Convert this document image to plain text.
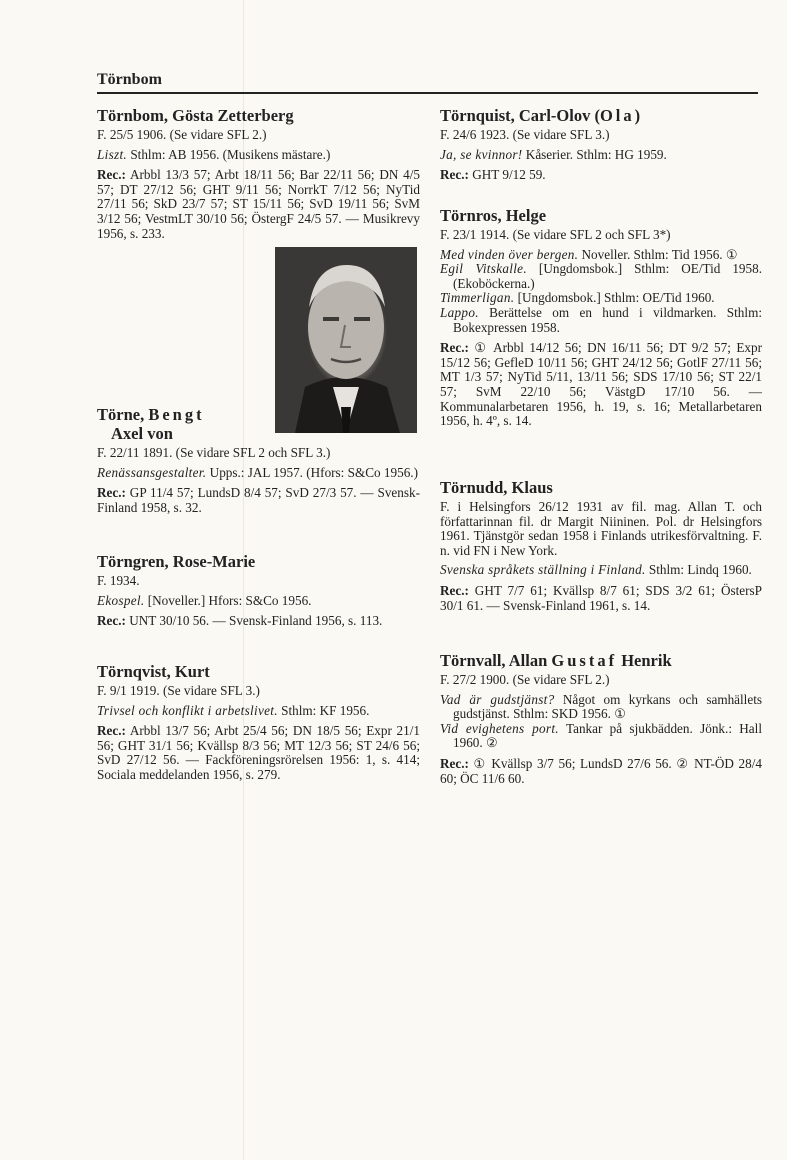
Törnbom
Törnbom, Gösta Zetterberg

F. 25/5 1906. (Se vidare SFL 2.)

Liszt. Sthlm: AB 1956. (Musikens mästare.)

Rec.: Arbbl 13/3 57; Arbt 18/11 56; Bar 22/11 56; DN 4/5 57; DT 27/12 56; GHT 9/11 56; NorrkT 7/12 56; NyTid 27/11 56; SkD 23/7 57; ST 15/11 56; SvD 19/11 56; SvM 3/12 56; VestmLT 30/10 56; ÖstergF 24/5 57. — Musikrevy 1956, s. 233.

Törne, Bengt
Axel von

F. 22/11 1891. (Se vidare SFL 2 och SFL 3.)

Renässansgestalter. Upps.: JAL 1957. (Hfors: S&Co 1956.)

Rec.: GP 11/4 57; LundsD 8/4 57; SvD 27/3 57. — Svensk-Finland 1958, s. 32.

Törngren, Rose-Marie

F. 1934.

Ekospel. [Noveller.] Hfors: S&Co 1956.

Rec.: UNT 30/10 56. — Svensk-Finland 1956, s. 113.

Törnqvist, Kurt

F. 9/1 1919. (Se vidare SFL 3.)

Trivsel och konflikt i arbetslivet. Sthlm: KF 1956.

Rec.: Arbbl 13/7 56; Arbt 25/4 56; DN 18/5 56; Expr 21/1 56; GHT 31/1 56; Kvällsp 8/3 56; MT 12/3 56; ST 24/6 56; SvD 27/12 56. — Fackföreningsrörelsen 1956: 1, s. 414; Sociala meddelanden 1956, s. 279.

Törnquist, Carl-Olov (Ola)

F. 24/6 1923. (Se vidare SFL 3.)

Ja, se kvinnor! Kåserier. Sthlm: HG 1959.

Rec.: GHT 9/12 59.

Törnros, Helge

F. 23/1 1914. (Se vidare SFL 2 och SFL 3*)

Med vinden över bergen. Noveller. Sthlm: Tid 1956. ①

Egil Vitskalle. [Ungdomsbok.] Sthlm: OE/Tid 1958. (Ekoböckerna.)

Timmerligan. [Ungdomsbok.] Sthlm: OE/Tid 1960.

Lappo. Berättelse om en hund i vildmarken. Sthlm: Bokexpressen 1958.

Rec.: ① Arbbl 14/12 56; DN 16/11 56; DT 9/2 57; Expr 15/12 56; GefleD 10/11 56; GHT 24/12 56; GotlF 27/11 56; MT 1/3 57; NyTid 5/11, 13/11 56; SDS 17/10 56; ST 22/1 57; SvM 22/10 56; VästgD 17/10 56. — Kommunalarbetaren 1956, h. 19, s. 16; Metallarbetaren 1956, h. 4º, s. 14.

Törnudd, Klaus

F. i Helsingfors 26/12 1931 av fil. mag. Allan T. och författarinnan fil. dr Margit Niininen. Pol. dr Helsingfors 1961. Tjänstgör sedan 1958 i Finlands utrikesförvaltning. F. n. vid FN i New York.

Svenska språkets ställning i Finland. Sthlm: Lindq 1960.

Rec.: GHT 7/7 61; Kvällsp 8/7 61; SDS 3/2 61; ÖstersP 30/1 61. — Svensk-Finland 1961, s. 14.

Törnvall, Allan Gustaf Henrik

F. 27/2 1900. (Se vidare SFL 2.)

Vad är gudstjänst? Något om kyrkans och samhällets gudstjänst. Sthlm: SKD 1956. ①

Vid evighetens port. Tankar på sjukbädden. Jönk.: Hall 1960. ②

Rec.: ① Kvällsp 3/7 56; LundsD 27/6 56. ② NT-ÖD 28/4 60; ÖC 11/6 60.
